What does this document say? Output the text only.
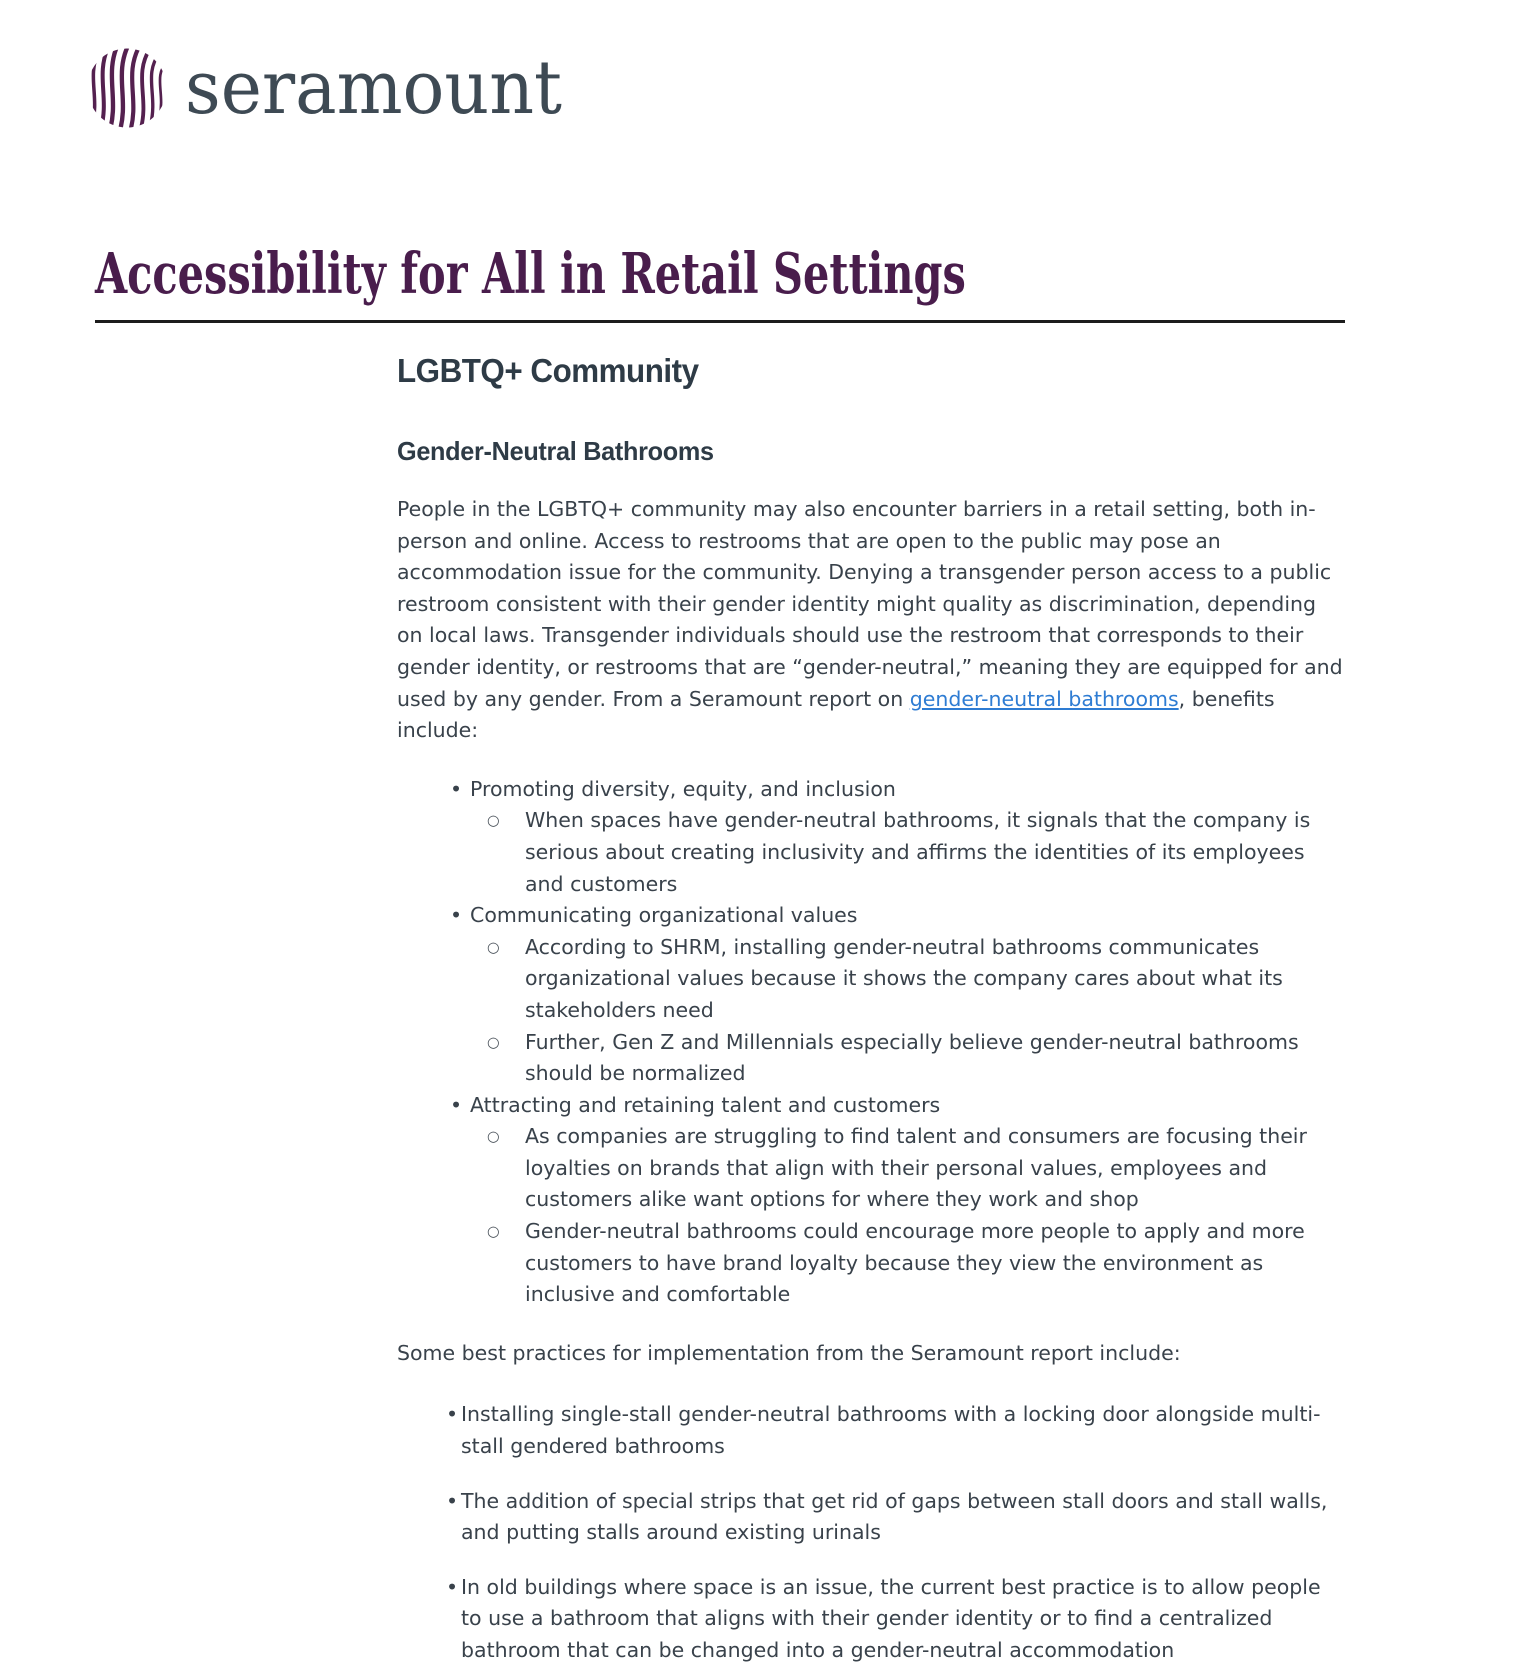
seramount
Accessibility for All in Retail Settings
LGBTQ+ Community
Gender-Neutral Bathrooms

People in the LGBTQ+ community may also encounter barriers in a retail setting, both in-person and online. Access to restrooms that are open to the public may pose an accommodation issue for the community. Denying a transgender person access to a public restroom consistent with their gender identity might quality as discrimination, depending on local laws. Transgender individuals should use the restroom that corresponds to their gender identity, or restrooms that are “gender-neutral,” meaning they are equipped for and used by any gender. From a Seramount report on gender-neutral bathrooms, benefits include:

• Promoting diversity, equity, and inclusion
○ When spaces have gender-neutral bathrooms, it signals that the company is serious about creating inclusivity and affirms the identities of its employees and customers
• Communicating organizational values
○ According to SHRM, installing gender-neutral bathrooms communicates organizational values because it shows the company cares about what its stakeholders need
○ Further, Gen Z and Millennials especially believe gender-neutral bathrooms should be normalized
• Attracting and retaining talent and customers
○ As companies are struggling to find talent and consumers are focusing their loyalties on brands that align with their personal values, employees and customers alike want options for where they work and shop
○ Gender-neutral bathrooms could encourage more people to apply and more customers to have brand loyalty because they view the environment as inclusive and comfortable

Some best practices for implementation from the Seramount report include:

• Installing single-stall gender-neutral bathrooms with a locking door alongside multi-stall gendered bathrooms
• The addition of special strips that get rid of gaps between stall doors and stall walls, and putting stalls around existing urinals
• In old buildings where space is an issue, the current best practice is to allow people to use a bathroom that aligns with their gender identity or to find a centralized bathroom that can be changed into a gender-neutral accommodation
